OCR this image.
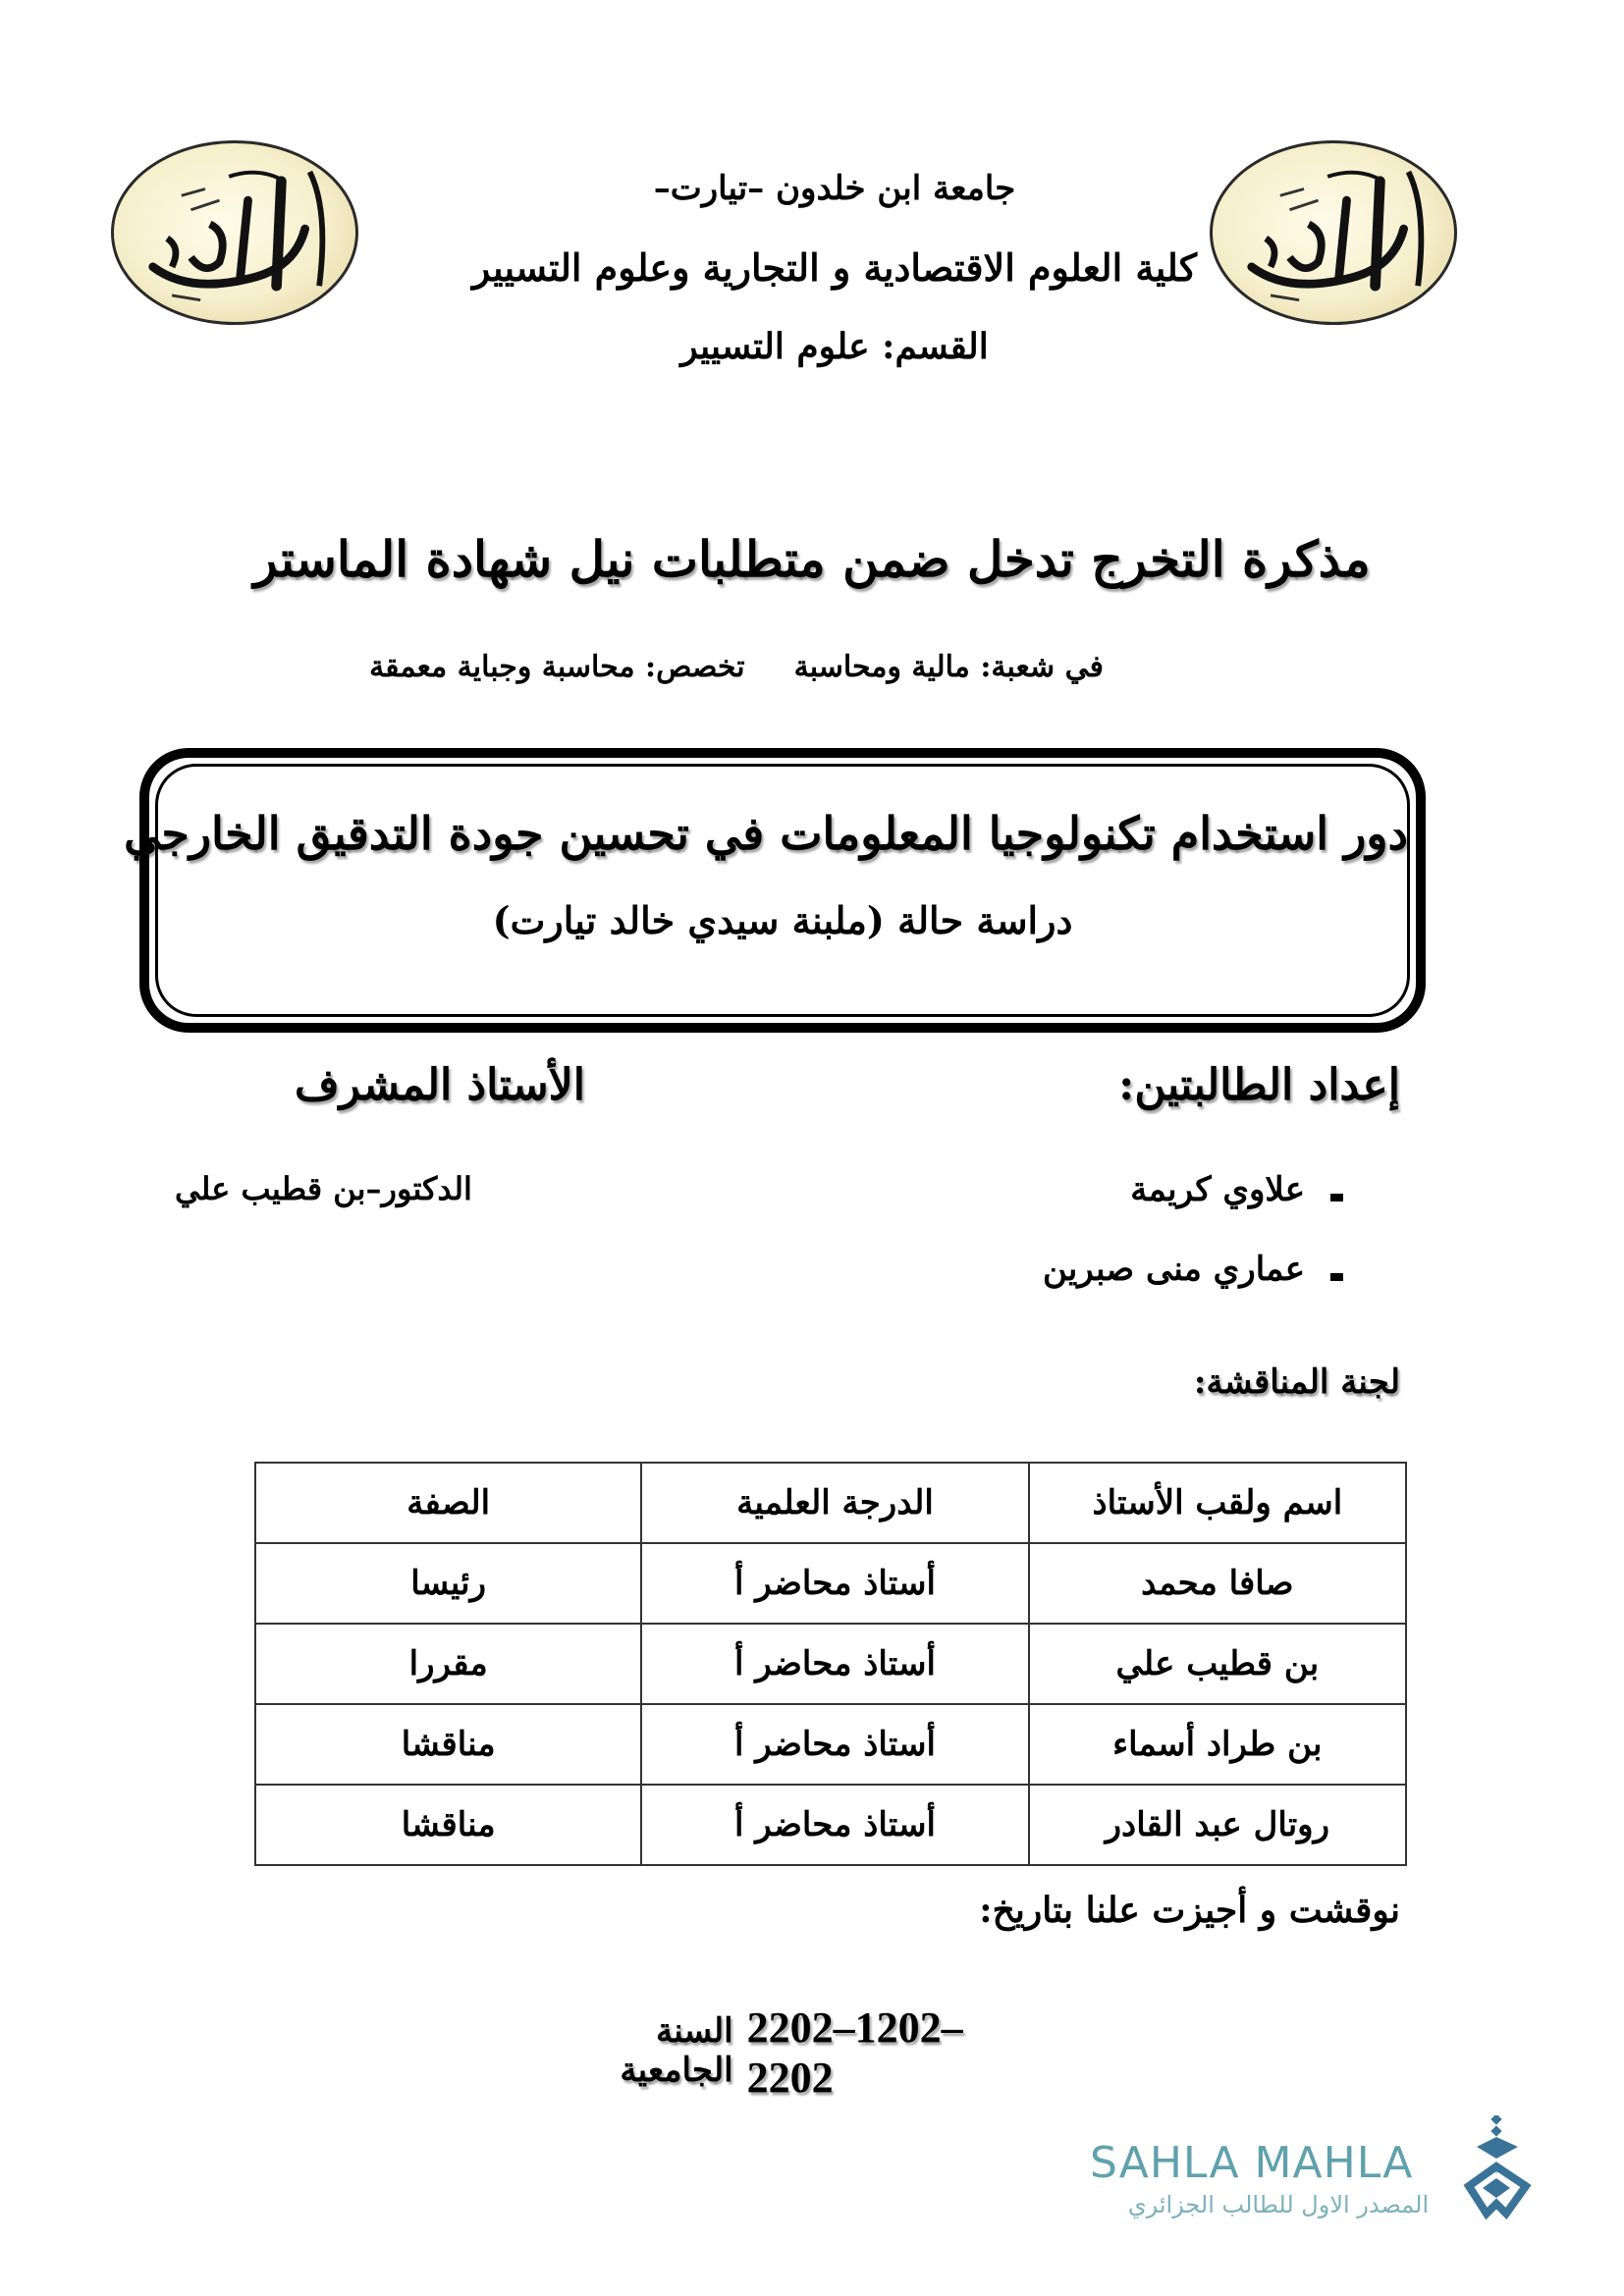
جامعة ابن خلدون –تيارت–
كلية العلوم الاقتصادية و التجارية وعلوم التسيير
القسم: علوم التسيير
مذكرة التخرج تدخل ضمن متطلبات نيل شهادة الماستر
في شعبة: مالية ومحاسبة
تخصص: محاسبة وجباية معمقة
دور استخدام تكنولوجيا المعلومات في تحسين جودة التدقيق الخارجي
دراسة حالة (ملبنة سيدي خالد تيارت)
إعداد الطالبتين:
الأستاذ المشرف
علاوي كريمة
عماري منى صبرين
الدكتور–بن قطيب علي
لجنة المناقشة:
اسم ولقب الأستاذ	الدرجة العلمية	الصفة
صافا محمد	أستاذ محاضر أ	رئيسا
بن قطيب علي	أستاذ محاضر أ	مقررا
بن طراد أسماء	أستاذ محاضر أ	مناقشا
روتال عبد القادر	أستاذ محاضر أ	مناقشا
نوقشت و أجيزت علنا بتاريخ:
السنة الجامعية
2202–1202–2202
SAHLA MAHLA
المصدر الاول للطالب الجزائري
